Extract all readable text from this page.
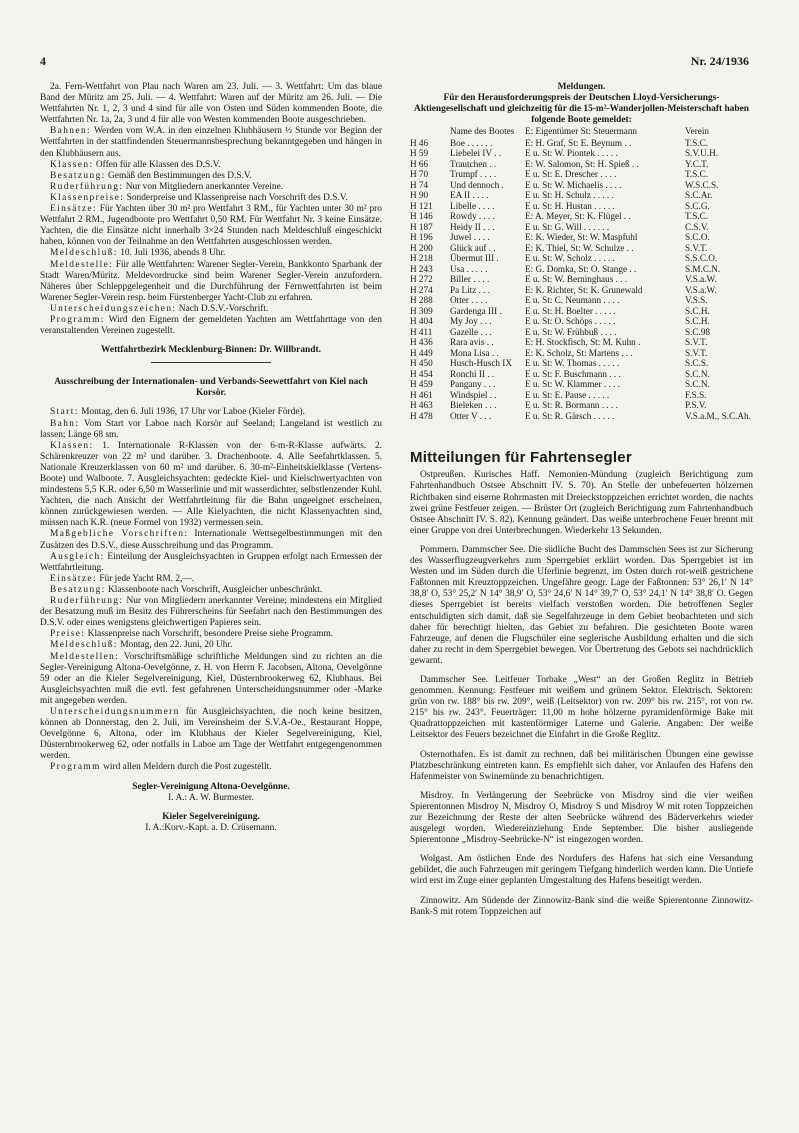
4	Nr. 24/1936

2a. Fern-Wettfahrt von Plau nach Waren am 23. Juli. — 3. Wettfahrt: Um das blaue Band der Müritz am 25. Juli. — 4. Wettfahrt: Waren auf der Müritz am 26. Juli. — Die Wettfahrten Nr. 1, 2, 3 und 4 sind für alle von Osten und Süden kommenden Boote, die Wettfahrten Nr. 1a, 2a, 3 und 4 für alle von Westen kommenden Boote ausgeschrieben.

Bahnen: Werden vom W.A. in den einzelnen Klubhäusern ½ Stunde vor Beginn der Wettfahrten in der stattfindenden Steuermannsbesprechung bekanntgegeben und hängen in den Klubhäusern aus.

Klassen: Offen für alle Klassen des D.S.V.

Besatzung: Gemäß den Bestimmungen des D.S.V.

Ruderführung: Nur von Mitgliedern anerkannter Vereine.

Klassenpreise: Sonderpreise und Klassenpreise nach Vorschrift des D.S.V.

Einsätze: Für Yachten über 30 m² pro Wettfahrt 3 RM., für Yachten unter 30 m² pro Wettfahrt 2 RM., Jugendboote pro Wettfahrt 0,50 RM. Für Wettfahrt Nr. 3 keine Einsätze. Yachten, die die Einsätze nicht innerhalb 3×24 Stunden nach Meldeschluß eingeschickt haben, können von der Teilnahme an den Wettfahrten ausgeschlossen werden.

Meldeschluß: 10. Juli 1936, abends 8 Uhr.

Meldestelle: Für alle Wettfahrten: Warener Segler-Verein, Bankkonto Sparbank der Stadt Waren/Müritz. Meldevordrucke sind beim Warener Segler-Verein anzufordern. Näheres über Schleppgelegenheit und die Durchführung der Fernwettfahrten ist beim Warener Segler-Verein resp. beim Fürstenberger Yacht-Club zu erfahren.

Unterscheidungszeichen: Nach D.S.V.-Vorschrift.

Programm: Wird den Eignern der gemeldeten Yachten am Wettfahrttage von den veranstaltenden Vereinen zugestellt.

Wettfahrtbezirk Mecklenburg-Binnen: Dr. Willbrandt.

Ausschreibung der Internationalen- und Verbands-Seewettfahrt von Kiel nach Korsör.

Start: Montag, den 6. Juli 1936, 17 Uhr vor Laboe (Kieler Förde).

Bahn: Vom Start vor Laboe nach Korsör auf Seeland; Langeland ist westlich zu lassen; Länge 68 sm.

Klassen: 1. Internationale R-Klassen von der 6-m-R-Klasse aufwärts. 2. Schärenkreuzer von 22 m² und darüber. 3. Drachenboote. 4. Alle Seefahrtklassen. 5. Nationale Kreuzerklassen von 60 m² und darüber. 6. 30-m²-Einheitskielklasse (Vertens-Boote) und Walboote. 7. Ausgleichsyachten: gedeckte Kiel- und Kielschwertyachten von mindestens 5,5 K.R. oder 6,50 m Wasserlinie und mit wasserdichter, selbstlenzender Kuhl. Yachten, die nach Ansicht der Wettfahrtleitung für die Bahn ungeeignet erscheinen, können zurückgewiesen werden. — Alle Kielyachten, die nicht Klassenyachten sind, müssen nach K.R. (neue Formel von 1932) vermessen sein.

Maßgebliche Vorschriften: Internationale Wettsegelbestimmungen mit den Zusätzen des D.S.V., diese Ausschreibung und das Programm.

Ausgleich: Einteilung der Ausgleichsyachten in Gruppen erfolgt nach Ermessen der Wettfahrtleitung.

Einsätze: Für jede Yacht RM. 2,—.

Besatzung: Klassenboote nach Vorschrift, Ausgleicher unbeschränkt.

Ruderführung: Nur von Mitgliedern anerkannter Vereine; mindestens ein Mitglied der Besatzung muß im Besitz des Führerscheins für Seefahrt nach den Bestimmungen des D.S.V. oder eines wenigstens gleichwertigen Papieres sein.

Preise: Klassenpreise nach Vorschrift, besondere Preise siehe Programm.

Meldeschluß: Montag, den 22. Juni, 20 Uhr.

Meldestellen: Vorschriftsmäßige schriftliche Meldungen sind zu richten an die Segler-Vereinigung Altona-Oevelgönne, z. H. von Herrn F. Jacobsen, Altona, Oevelgönne 59 oder an die Kieler Segelvereinigung, Kiel, Düsternbrookerweg 62, Klubhaus. Bei Ausgleichsyachten muß die evtl. fest gefahrenen Unterscheidungsnummer oder -Marke mit angegeben werden.

Unterscheidungsnummern für Ausgleichsyachten, die noch keine besitzen, können ab Donnerstag, den 2. Juli, im Vereinsheim der S.V.A-Oe., Restaurant Hoppe, Oevelgönne 6, Altona, oder im Klubhaus der Kieler Segelvereinigung, Kiel, Düsternbrookerweg 62, oder notfalls in Laboe am Tage der Wettfahrt entgegengenommen werden.

Programm wird allen Meldern durch die Post zugestellt.

Segler-Vereinigung Altona-Oevelgönne.

I. A.: A. W. Burmester.

Kieler Segelvereinigung.

I. A.:Korv.-Kapt. a. D. Crüsemann.

Meldungen.

Für den Herausforderungspreis der Deutschen Lloyd-Versicherungs-Aktiengesellschaft und gleichzeitig für die 15-m²-Wanderjollen-Meisterschaft haben folgende Boote gemeldet:

	Name des Bootes	E: Eigentümer St: Steuermann	Verein
H 46	Boe . . . . . .	E: H. Graf, St: E. Beynum . .	T.S.C.
H 59	Liebelei IV . .	E u. St: W. Piontek . . . . .	S.V.U.H.
H 66	Trautchen . .	E: W. Salomon, St: H. Spieß . .	Y.C.T.
H 70	Trumpf . . . .	E u. St: E. Drescher . . . .	T.S.C.
H 74	Und dennoch .	E u. St: W. Michaelis . . . .	W.S.C.S.
H 90	EA II . . . .	E u. St: H. Schulz . . . . .	S.C.Ar.
H 121	Libelle . . . .	E u. St: H. Hustan . . . . .	S.C.G.
H 146	Rowdy . . . .	E: A. Meyer, St: K. Flügel . .	T.S.C.
H 187	Heidy II . . .	E u. St: G. Will . . . . . .	C.S.V.
H 196	Juwel . . . .	E: K. Wieder, St: W. Maspfuhl	S.C.O.
H 200	Glück auf . .	E: K. Thiel, St: W. Schulze . .	S.V.T.
H 218	Übermut III .	E u. St: W. Scholz . . . . .	S.S.C.O.
H 243	Usa . . . . .	E: G. Domka, St: O. Stange . .	S.M.C.N.
H 272	Biller . . . .	E u. St: W. Berninghaus . . .	V.S.a.W.
H 274	Pa Litz . . .	E: K. Richter, St: K. Grunewald	V.S.a.W.
H 288	Otter . . . .	E u. St: C. Neumann . . . .	V.S.S.
H 309	Gardenga III .	E u. St: H. Boelter . . . . .	S.C.H.
H 404	My Joy . . .	E u. St: O. Schöps . . . . .	S.C.H.
H 411	Gazelle . . .	E u. St: W. Frühbuß . . . .	S.C.98
H 436	Rara avis . .	E: H. Stockfisch, St: M. Kuhn .	S.V.T.
H 449	Mona Lisa . .	E: K. Scholz, St: Martens . . .	S.V.T.
H 450	Husch-Husch IX	E u. St: W. Thomas . . . . .	S.C.S.
H 454	Ronchi II . .	E u. St: F. Buschmann . . .	S.C.N.
H 459	Pangany . . .	E u. St: W. Klammer . . . .	S.C.N.
H 461	Windspiel . .	E u. St: E. Pause . . . . .	F.S.S.
H 463	Bieleken . . .	E u. St: R. Bormann . . . .	P.S.V.
H 478	Otter V . . .	E u. St: R. Gärsch . . . . .	V.S.a.M., S.C.Ah.
Mitteilungen für Fahrtensegler

Ostpreußen. Kurisches Haff. Nemonien-Mündung (zugleich Berichtigung zum Fahrtenhandbuch Ostsee Abschnitt IV. S. 70). An Stelle der unbefeuerten hölzernen Richtbaken sind eiserne Rohrmasten mit Dreieckstoppzeichen errichtet worden, die nachts zwei grüne Festfeuer zeigen. — Brüster Ort (zugleich Berichtigung zum Fahrtenhandbuch Ostsee Abschnitt IV. S. 82). Kennung geändert. Das weiße unterbrochene Feuer brennt mit einer Gruppe von drei Unterbrechungen. Wiederkehr 13 Sekunden.

Pommern. Dammscher See. Die südliche Bucht des Dammschen Sees ist zur Sicherung des Wasserflugzeugverkehrs zum Sperrgebiet erklärt worden. Das Sperrgebiet ist im Westen und im Süden durch die Uferlinie begrenzt, im Osten durch rot-weiß gestrichene Faßtonnen mit Kreuztoppzeichen. Ungefähre geogr. Lage der Faßtonnen: 53° 26,1′ N 14° 38,8′ O, 53° 25,2′ N 14° 38,9′ O, 53° 24,6′ N 14° 39,7′ O, 53° 24,1′ N 14° 38,8′ O. Gegen dieses Sperrgebiet ist bereits vielfach verstoßen worden. Die betroffenen Segler entschuldigten sich damit, daß sie Segelfahrzeuge in dem Gebiet beobachteten und sich daher für berechtigt hielten, das Gebiet zu befahren. Die gesichteten Boote waren Fahrzeuge, auf denen die Flugschüler eine seglerische Ausbildung erhalten und die sich daher zu recht in dem Sperrgebiet bewegen. Vor Übertretung des Gebots sei nachdrücklich gewarnt.

Dammscher See. Leitfeuer Torbake „West“ an der Großen Reglitz in Betrieb genommen. Kennung: Festfeuer mit weißem und grünem Sektor. Elektrisch. Sektoren: grün von rw. 188° bis rw. 209°, weiß (Leitsektor) von rw. 209° bis rw. 215°, rot von rw. 215° bis rw. 243°. Feuerträger: 11,00 m hohe hölzerne pyramidenförmige Bake mit Quadrattoppzeichen mit kastenförmiger Laterne und Galerie. Angaben: Der weiße Leitsektor des Feuers bezeichnet die Einfahrt in die Große Reglitz.

Osternothafen. Es ist damit zu rechnen, daß bei militärischen Übungen eine gewisse Platzbeschränkung eintreten kann. Es empfiehlt sich daher, vor Anlaufen des Hafens den Hafenmeister von Swinemünde zu benachrichtigen.

Misdroy. In Verlängerung der Seebrücke von Misdroy sind die vier weißen Spierentonnen Misdroy N, Misdroy O, Misdroy S und Misdroy W mit roten Toppzeichen zur Bezeichnung der Reste der alten Seebrücke während des Bäderverkehrs wieder ausgelegt worden. Wiedereinziehung Ende September. Die bisher ausliegende Spierentonne „Misdroy-Seebrücke-N“ ist eingezogen worden.

Wolgast. Am östlichen Ende des Nordufers des Hafens hat sich eine Versandung gebildet, die auch Fahrzeugen mit geringem Tiefgang hinderlich werden kann. Die Untiefe wird erst im Zuge einer geplanten Umgestaltung des Hafens beseitigt werden.

Zinnowitz. Am Südende der Zinnowitz-Bank sind die weiße Spierentonne Zinnowitz-Bank-S mit rotem Toppzeichen auf
